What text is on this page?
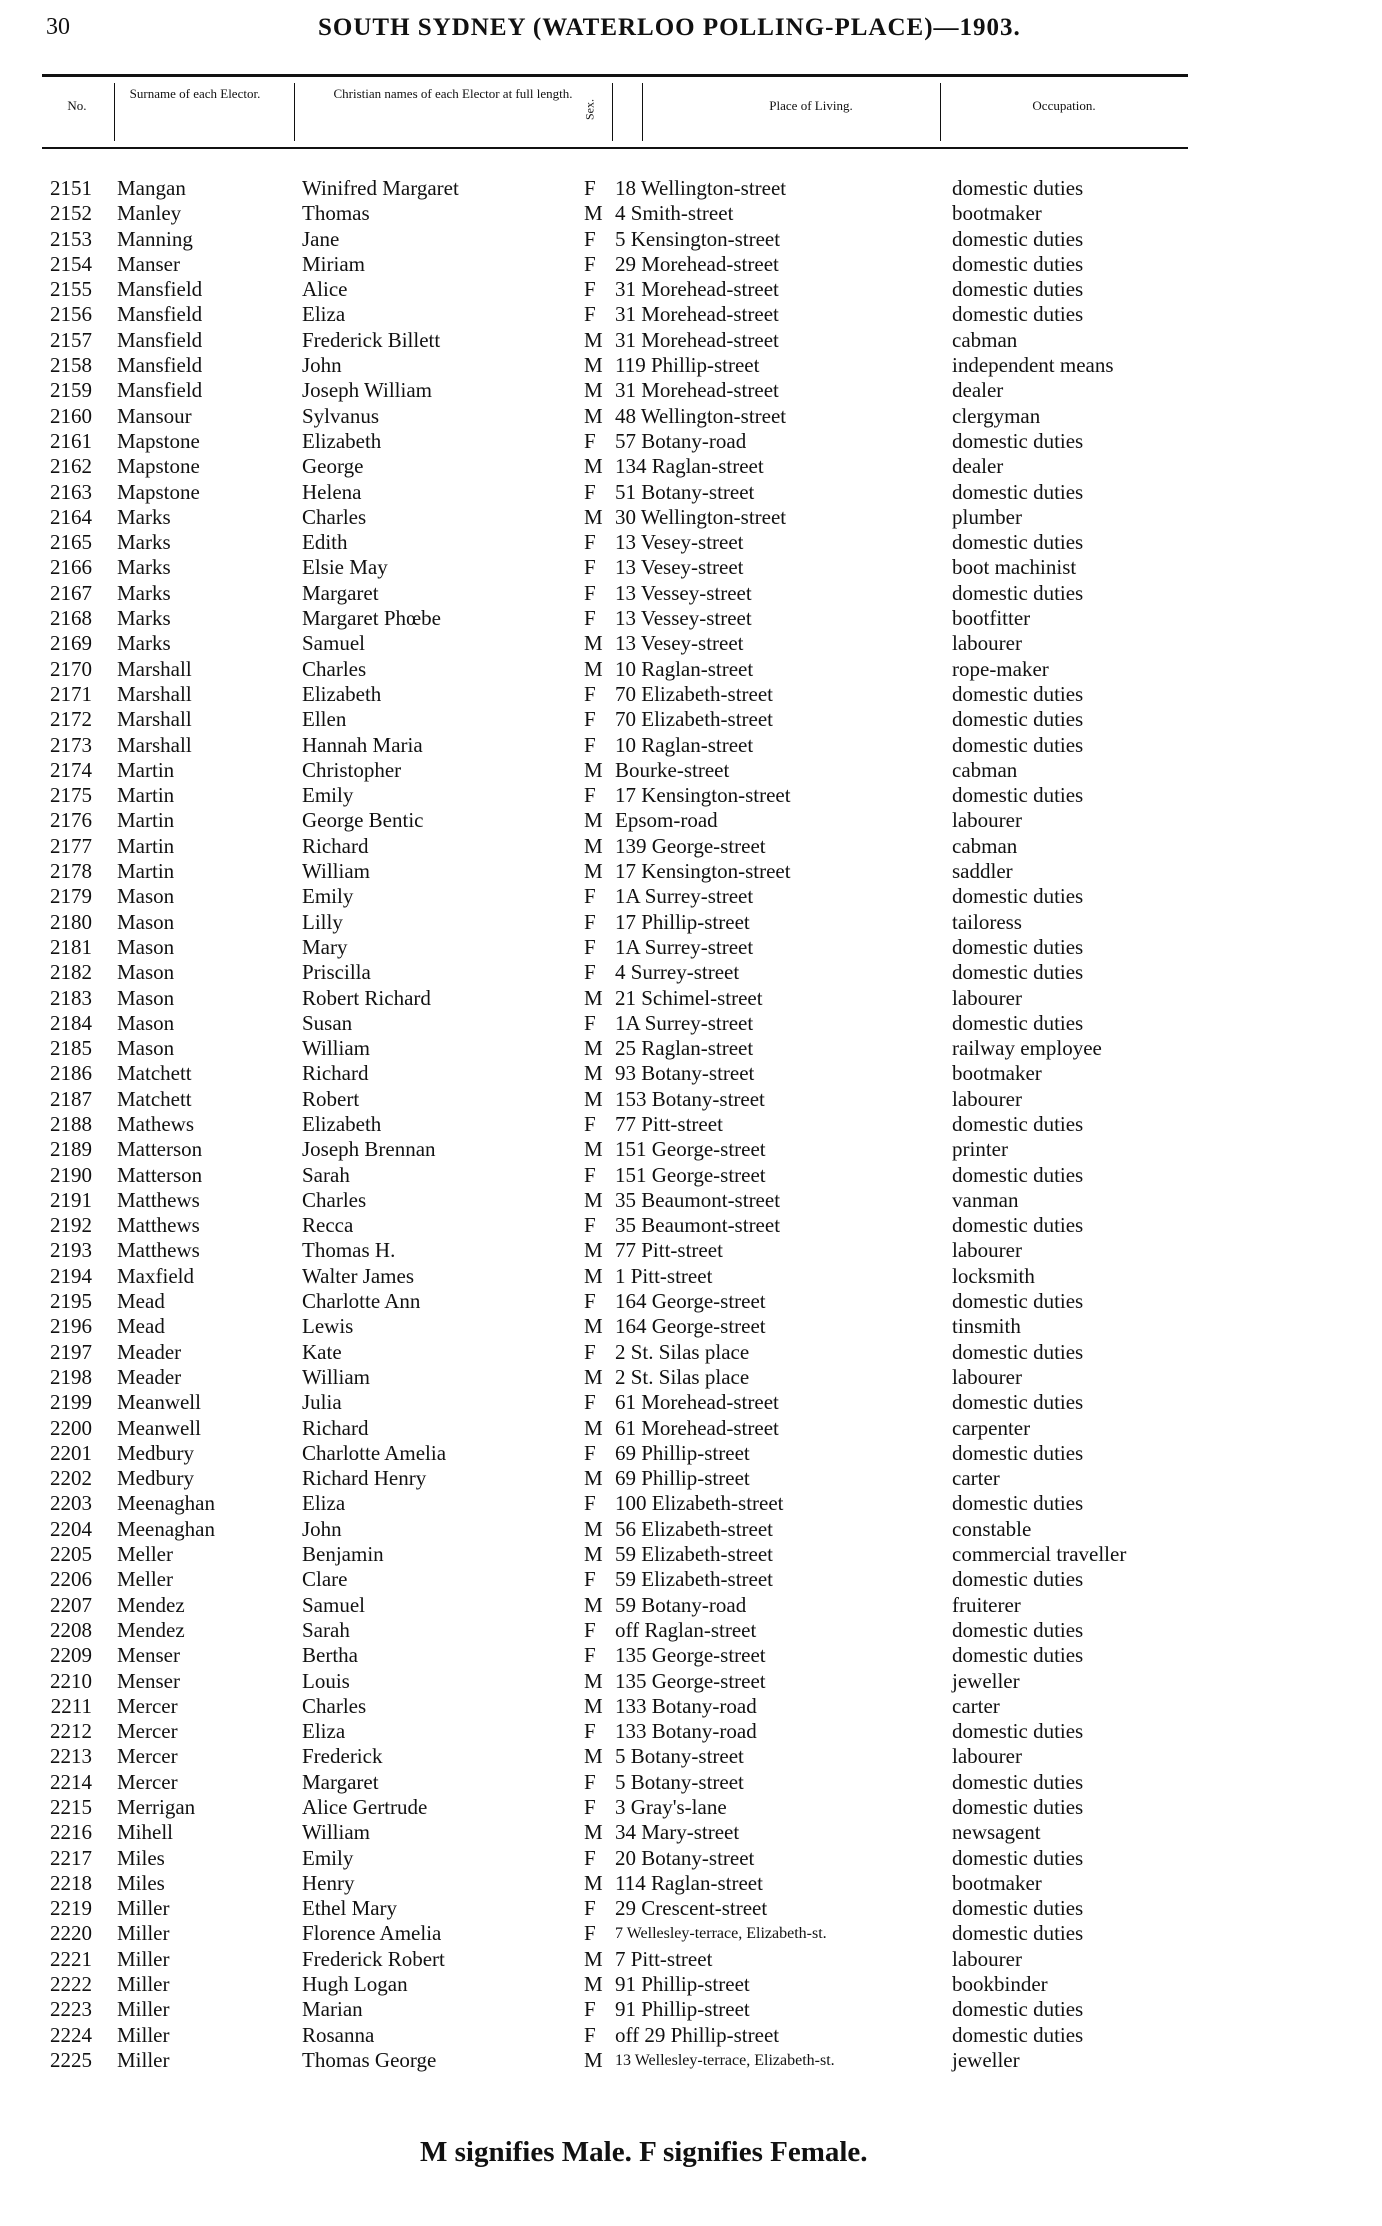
30	SOUTH SYDNEY (WATERLOO POLLING-PLACE)—1903.
No.
Surname of each Elector.	Christian names of each Elector at full length.
Sex.	Place of Living.	Occupation.
2151 Mangan	Winifred Margaret	F 18 Wellington-street	domestic duties
2152 Manley	Thomas	M 4 Smith-street	bootmaker
2153 Manning	Jane	F 5 Kensington-street	domestic duties
2154 Manser	Miriam	F 29 Morehead-street	domestic duties
2155 Mansfield	Alice	F 31 Morehead-street	domestic duties
2156 Mansfield	Eliza	F 31 Morehead-street	domestic duties
2157 Mansfield	Frederick Billett	M 31 Morehead-street	cabman
2158 Mansfield	John	M 119 Phillip-street	independent means
2159 Mansfield	Joseph William	M 31 Morehead-street	dealer
2160 Mansour	Sylvanus	M 48 Wellington-street	clergyman
2161 Mapstone	Elizabeth	F 57 Botany-road	domestic duties
2162 Mapstone	George	M 134 Raglan-street	dealer
2163 Mapstone	Helena	F 51 Botany-street	domestic duties
2164 Marks	Charles	M 30 Wellington-street	plumber
2165 Marks	Edith	F 13 Vesey-street	domestic duties
2166 Marks	Elsie May	F 13 Vesey-street	boot machinist
2167 Marks	Margaret	F 13 Vessey-street	domestic duties
2168 Marks	Margaret Phœbe	F 13 Vessey-street	bootfitter
2169 Marks	Samuel	M 13 Vesey-street	labourer
2170 Marshall	Charles	M 10 Raglan-street	rope-maker
2171 Marshall	Elizabeth	F 70 Elizabeth-street	domestic duties
2172 Marshall	Ellen	F 70 Elizabeth-street	domestic duties
2173 Marshall	Hannah Maria	F 10 Raglan-street	domestic duties
2174 Martin	Christopher	M Bourke-street	cabman
2175 Martin	Emily	F 17 Kensington-street	domestic duties
2176 Martin	George Bentic	M Epsom-road	labourer
2177 Martin	Richard	M 139 George-street	cabman
2178 Martin	William	M 17 Kensington-street	saddler
2179 Mason	Emily	F 1A Surrey-street	domestic duties
2180 Mason	Lilly	F 17 Phillip-street	tailoress
2181 Mason	Mary	F 1A Surrey-street	domestic duties
2182 Mason	Priscilla	F 4 Surrey-street	domestic duties
2183 Mason	Robert Richard	M 21 Schimel-street	labourer
2184 Mason	Susan	F 1A Surrey-street	domestic duties
2185 Mason	William	M 25 Raglan-street	railway employee
2186 Matchett	Richard	M 93 Botany-street	bootmaker
2187 Matchett	Robert	M 153 Botany-street	labourer
2188 Mathews	Elizabeth	F 77 Pitt-street	domestic duties
2189 Matterson	Joseph Brennan	M 151 George-street	printer
2190 Matterson	Sarah	F 151 George-street	domestic duties
2191 Matthews	Charles	M 35 Beaumont-street	vanman
2192 Matthews	Recca	F 35 Beaumont-street	domestic duties
2193 Matthews	Thomas H.	M 77 Pitt-street	labourer
2194 Maxfield	Walter James	M 1 Pitt-street	locksmith
2195 Mead	Charlotte Ann	F 164 George-street	domestic duties
2196 Mead	Lewis	M 164 George-street	tinsmith
2197 Meader	Kate	F 2 St. Silas place	domestic duties
2198 Meader	William	M 2 St. Silas place	labourer
2199 Meanwell	Julia	F 61 Morehead-street	domestic duties
2200 Meanwell	Richard	M 61 Morehead-street	carpenter
2201 Medbury	Charlotte Amelia	F 69 Phillip-street	domestic duties
2202 Medbury	Richard Henry	M 69 Phillip-street	carter
2203 Meenaghan	Eliza	F 100 Elizabeth-street	domestic duties
2204 Meenaghan	John	M 56 Elizabeth-street	constable
2205 Meller	Benjamin	M 59 Elizabeth-street	commercial traveller
2206 Meller	Clare	F 59 Elizabeth-street	domestic duties
2207 Mendez	Samuel	M 59 Botany-road	fruiterer
2208 Mendez	Sarah	F off Raglan-street	domestic duties
2209 Menser	Bertha	F 135 George-street	domestic duties
2210 Menser	Louis	M 135 George-street	jeweller
2211 Mercer	Charles	M 133 Botany-road	carter
2212 Mercer	Eliza	F 133 Botany-road	domestic duties
2213 Mercer	Frederick	M 5 Botany-street	labourer
2214 Mercer	Margaret	F 5 Botany-street	domestic duties
2215 Merrigan	Alice Gertrude	F 3 Gray's-lane	domestic duties
2216 Mihell	William	M 34 Mary-street	newsagent
2217 Miles	Emily	F 20 Botany-street	domestic duties
2218 Miles	Henry	M 114 Raglan-street	bootmaker
2219 Miller	Ethel Mary	F 29 Crescent-street	domestic duties
2220 Miller	Florence Amelia	F 7 Wellesley-terrace, Elizabeth-st.	domestic duties
2221 Miller	Frederick Robert	M 7 Pitt-street	labourer
2222 Miller	Hugh Logan	M 91 Phillip-street	bookbinder
2223 Miller	Marian	F 91 Phillip-street	domestic duties
2224 Miller	Rosanna	F off 29 Phillip-street	domestic duties
2225 Miller	Thomas George	M 13 Wellesley-terrace, Elizabeth-st.	jeweller
M signifies Male. F signifies Female.
